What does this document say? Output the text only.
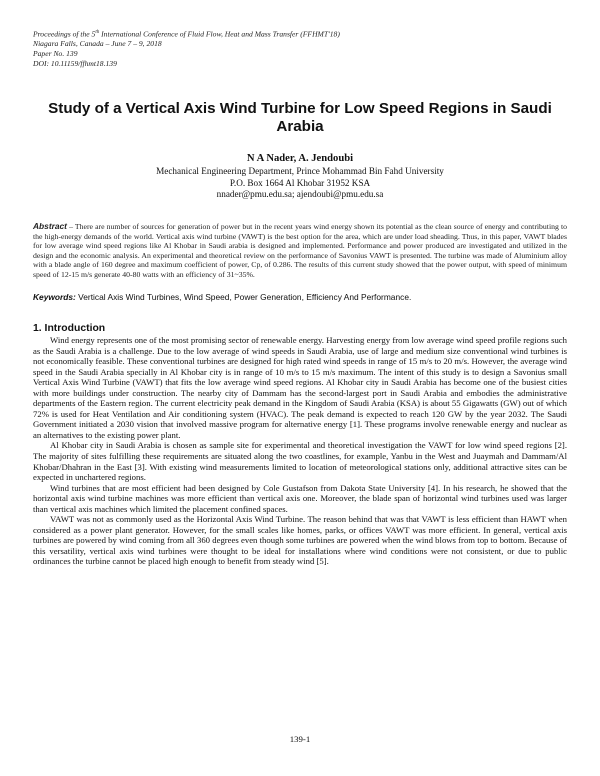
Proceedings of the 5th International Conference of Fluid Flow, Heat and Mass Transfer (FFHMT'18)
Niagara Falls, Canada – June 7 – 9, 2018
Paper No. 139
DOI: 10.11159/ffhmt18.139
Study of a Vertical Axis Wind Turbine for Low Speed Regions in Saudi Arabia
N A Nader, A. Jendoubi
Mechanical Engineering Department, Prince Mohammad Bin Fahd University
P.O. Box 1664 Al Khobar 31952 KSA
nnader@pmu.edu.sa; ajendoubi@pmu.edu.sa
Abstract – There are number of sources for generation of power but in the recent years wind energy shown its potential as the clean source of energy and contributing to the high-energy demands of the world. Vertical axis wind turbine (VAWT) is the best option for the area, which are under load sheading. Thus, in this paper, VAWT blades for low average wind speed regions like Al Khobar in Saudi arabia is designed and implemented. Performance and power produced are investigated and utilized in the design and the economic analysis. An experimental and theoretical review on the performance of Savonius VAWT is presented. The turbine was made of Aluminium alloy with a blade angle of 160 degree and maximum coefficient of power, Cp, of 0.286. The results of this current study showed that the power output, with speed of minimum speed of 12-15 m/s generate 40-80 watts with an efficiency of 31~35%.
Keywords: Vertical Axis Wind Turbines, Wind Speed, Power Generation, Efficiency And Performance.
1. Introduction

Wind energy represents one of the most promising sector of renewable energy. Harvesting energy from low average wind speed profile regions such as the Saudi Arabia is a challenge. Due to the low average of wind speeds in Saudi Arabia, use of large and medium size conventional wind turbines is not economically feasible. These conventional turbines are designed for high rated wind speeds in range of 15 m/s to 20 m/s. However, the average wind speed in the Saudi Arabia specially in Al Khobar city is in range of 10 m/s to 15 m/s maximum. The intent of this study is to design a Savonius small Vertical Axis Wind Turbine (VAWT) that fits the low average wind speed regions. Al Khobar city in Saudi Arabia has become one of the busiest cities with more buildings under construction. The nearby city of Dammam has the second-largest port in Saudi Arabia and embodies the administrative departments of the Eastern region. The current electricity peak demand in the Kingdom of Saudi Arabia (KSA) is about 55 Gigawatts (GW) out of which 72% is used for Heat Ventilation and Air conditioning system (HVAC). The peak demand is expected to reach 120 GW by the year 2032. The Saudi Government initiated a 2030 vision that involved massive program for alternative energy [1]. These programs involve renewable energy and nuclear as an alternatives to the existing power plant.

Al Khobar city in Saudi Arabia is chosen as sample site for experimental and theoretical investigation the VAWT for low wind speed regions [2]. The majority of sites fulfilling these requirements are situated along the two coastlines, for example, Yanbu in the West and Juaymah and Dammam/Al Khobar/Dhahran in the East [3]. With existing wind measurements limited to location of meteorological stations only, additional attractive sites can be expected in unchartered regions.

Wind turbines that are most efficient had been designed by Cole Gustafson from Dakota State University [4]. In his research, he showed that the horizontal axis wind turbine machines was more efficient than vertical axis one. Moreover, the blade span of horizontal wind turbines used was larger than vertical axis machines which limited the placement confined spaces.

VAWT was not as commonly used as the Horizontal Axis Wind Turbine. The reason behind that was that VAWT is less efficient than HAWT when considered as a power plant generator. However, for the small scales like homes, parks, or offices VAWT was more efficient. In general, vertical axis turbines are powered by wind coming from all 360 degrees even though some turbines are powered when the wind blows from top to bottom. Because of this versatility, vertical axis wind turbines were thought to be ideal for installations where wind conditions were not consistent, or due to public ordinances the turbine cannot be placed high enough to benefit from steady wind [5].

139-1
